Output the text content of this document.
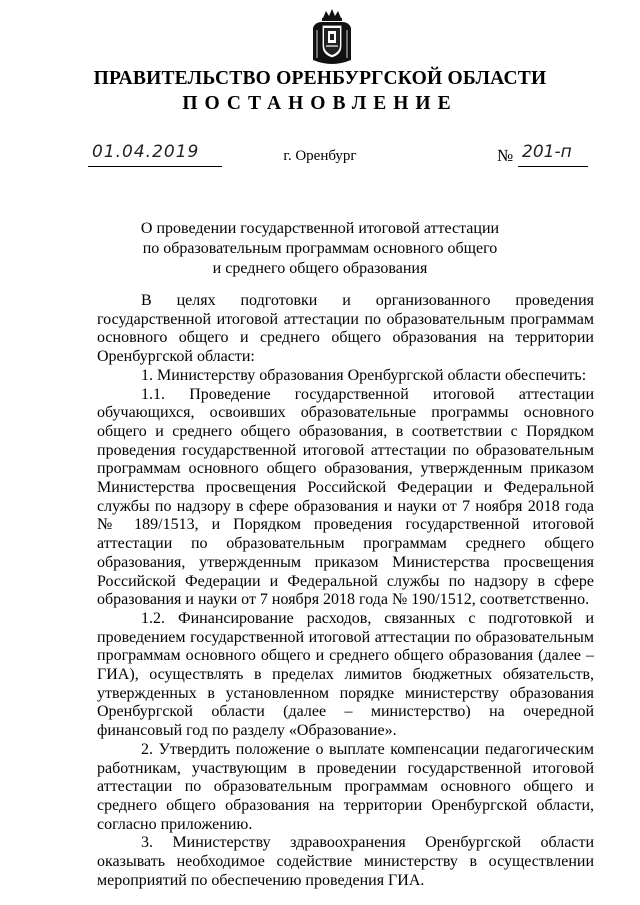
ПРАВИТЕЛЬСТВО ОРЕНБУРГСКОЙ ОБЛАСТИ
ПОСТАНОВЛЕНИЕ
01.04.2019	г. Оренбург	№ 201-п
О проведении государственной итоговой аттестации
по образовательным программам основного общего
и среднего общего образования

В целях подготовки и организованного проведения государственной итоговой аттестации по образовательным программам основного общего и среднего общего образования на территории Оренбургской области:

1. Министерству образования Оренбургской области обеспечить:

1.1. Проведение государственной итоговой аттестации обучающихся, освоивших образовательные программы основного общего и среднего общего образования, в соответствии с Порядком проведения государственной итоговой аттестации по образовательным программам основного общего образования, утвержденным приказом Министерства просвещения Российской Федерации и Федеральной службы по надзору в сфере образования и науки от 7 ноября 2018 года № 189/1513, и Порядком проведения государственной итоговой аттестации по образовательным программам среднего общего образования, утвержденным приказом Министерства просвещения Российской Федерации и Федеральной службы по надзору в сфере образования и науки от 7 ноября 2018 года № 190/1512, соответственно.

1.2. Финансирование расходов, связанных с подготовкой и проведением государственной итоговой аттестации по образовательным программам основного общего и среднего общего образования (далее – ГИА), осуществлять в пределах лимитов бюджетных обязательств, утвержденных в установленном порядке министерству образования Оренбургской области (далее – министерство) на очередной финансовый год по разделу «Образование».

2. Утвердить положение о выплате компенсации педагогическим работникам, участвующим в проведении государственной итоговой аттестации по образовательным программам основного общего и среднего общего образования на территории Оренбургской области, согласно приложению.

3. Министерству здравоохранения Оренбургской области оказывать необходимое содействие министерству в осуществлении мероприятий по обеспечению проведения ГИА.
